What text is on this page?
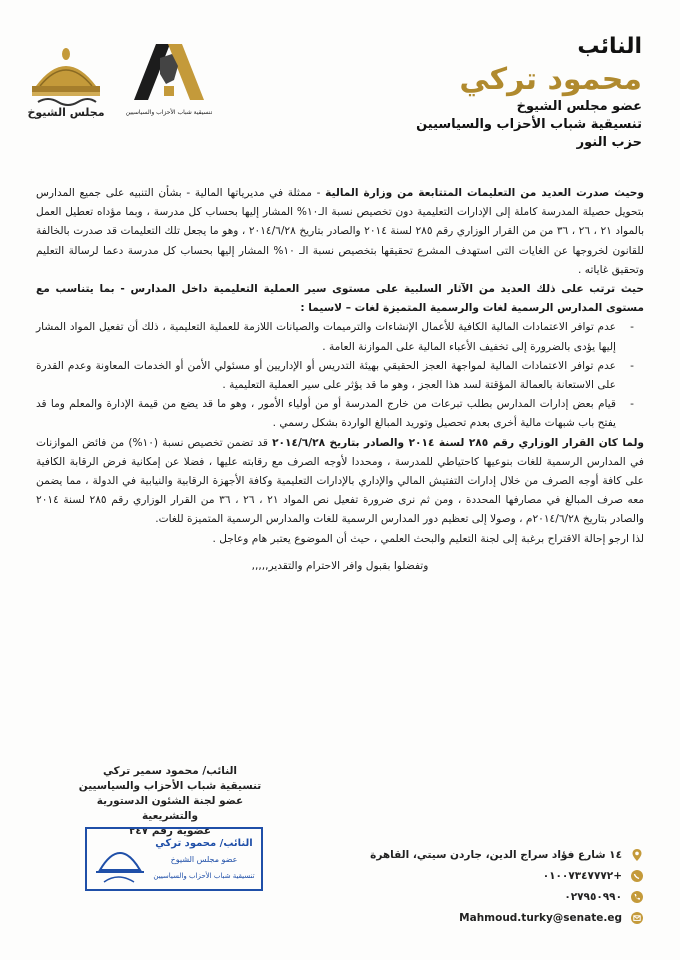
مجلس الشيوخ	تنسيقية شباب الأحزاب والسياسيين
النائب
محمود تركي
عضو مجلس الشيوخ
تنسيقية شباب الأحزاب والسياسيين
حزب النور

وحيث صدرت العديد من التعليمات المتتابعة من وزارة المالية - ممثلة في مديرياتها المالية - بشأن التنبيه على جميع المدارس بتحويل حصيلة المدرسة كاملة إلى الإدارات التعليمية دون تخصيص نسبة الـ١٠% المشار إليها بحساب كل مدرسة ، وبما مؤداه تعطيل العمل بالمواد ٢١ ، ٢٦ ، ٣٦ من من القرار الوزاري رقم ٢٨٥ لسنة ٢٠١٤ والصادر بتاريخ ٢٠١٤/٦/٢٨ ، وهو ما يجعل تلك التعليمات قد صدرت بالخالفة للقانون لخروجها عن الغايات التى استهدف المشرع تحقيقها بتخصيص نسبة الـ ١٠% المشار إليها بحساب كل مدرسة دعما لرسالة التعليم وتحقيق غاياته .

حيث ترتب على ذلك العديد من الآثار السلبية على مستوى سير العملية التعليمية داخل المدارس - بما يتناسب مع مستوى المدارس الرسمية لغات والرسمية المتميزة لغات – لاسيما :

- عدم توافر الاعتمادات المالية الكافية للأعمال الإنشاءات والترميمات والصيانات اللازمة للعملية التعليمية ، ذلك أن تفعيل المواد المشار إليها يؤدى بالضرورة إلى تخفيف الأعباء المالية على الموازنة العامة .

- عدم توافر الاعتمادات المالية لمواجهة العجز الحقيقي بهيئة التدريس أو الإداريين أو مسئولي الأمن أو الخدمات المعاونة وعدم القدرة على الاستعانة بالعمالة المؤقتة لسد هذا العجز ، وهو ما قد يؤثر على سير العملية التعليمية .

- قيام بعض إدارات المدارس بطلب تبرعات من خارج المدرسة أو من أولياء الأمور ، وهو ما قد يضع من قيمة الإدارة والمعلم وما قد يفتح باب شبهات مالية أخرى بعدم تحصيل وتوريد المبالغ الواردة بشكل رسمي .

ولما كان القرار الوزاري رقم ٢٨٥ لسنة ٢٠١٤ والصادر بتاريخ ٢٠١٤/٦/٢٨ قد تضمن تخصيص نسبة (١٠%) من فائض الموازنات في المدارس الرسمية للغات بنوعيها كاحتياطي للمدرسة ، ومحددا لأوجه الصرف مع رقابته عليها ، فضلا عن إمكانية فرض الرقابة الكافية على كافة أوجه الصرف من خلال إدارات التفتيش المالي والإداري بالإدارات التعليمية وكافة الأجهزة الرقابية والنيابية في الدولة ، مما يضمن معه صرف المبالغ في مصارفها المحددة ، ومن ثم نرى ضرورة تفعيل نص المواد ٢١ ، ٢٦ ، ٣٦ من القرار الوزاري رقم ٢٨٥ لسنة ٢٠١٤ والصادر بتاريخ ٢٠١٤/٦/٢٨م ، وصولا إلى تعظيم دور المدارس الرسمية للغات والمدارس الرسمية المتميزة للغات.

لذا ارجو إحالة الاقتراح برغبة إلى لجنة التعليم والبحث العلمي ، حيث أن الموضوع يعتبر هام وعاجل .

وتفضلوا بقبول وافر الاحترام والتقدير,,,,,

النائب/ محمود سمير تركي
تنسيقية شباب الأحزاب والسياسيين
عضو لجنة الشئون الدستورية والتشريعية
عضوية رقم ٢٤٧
النائب/ محمود تركي
عضو مجلس الشيوخ
تنسيقية شباب الأحزاب والسياسيين
١٤ شارع فؤاد سراج الدين، جاردن سيتي، القاهرة
٠١٠٠٧٣٤٧٧٧٢+
٠٢٧٩٥٠٩٩٠
Mahmoud.turky@senate.eg
